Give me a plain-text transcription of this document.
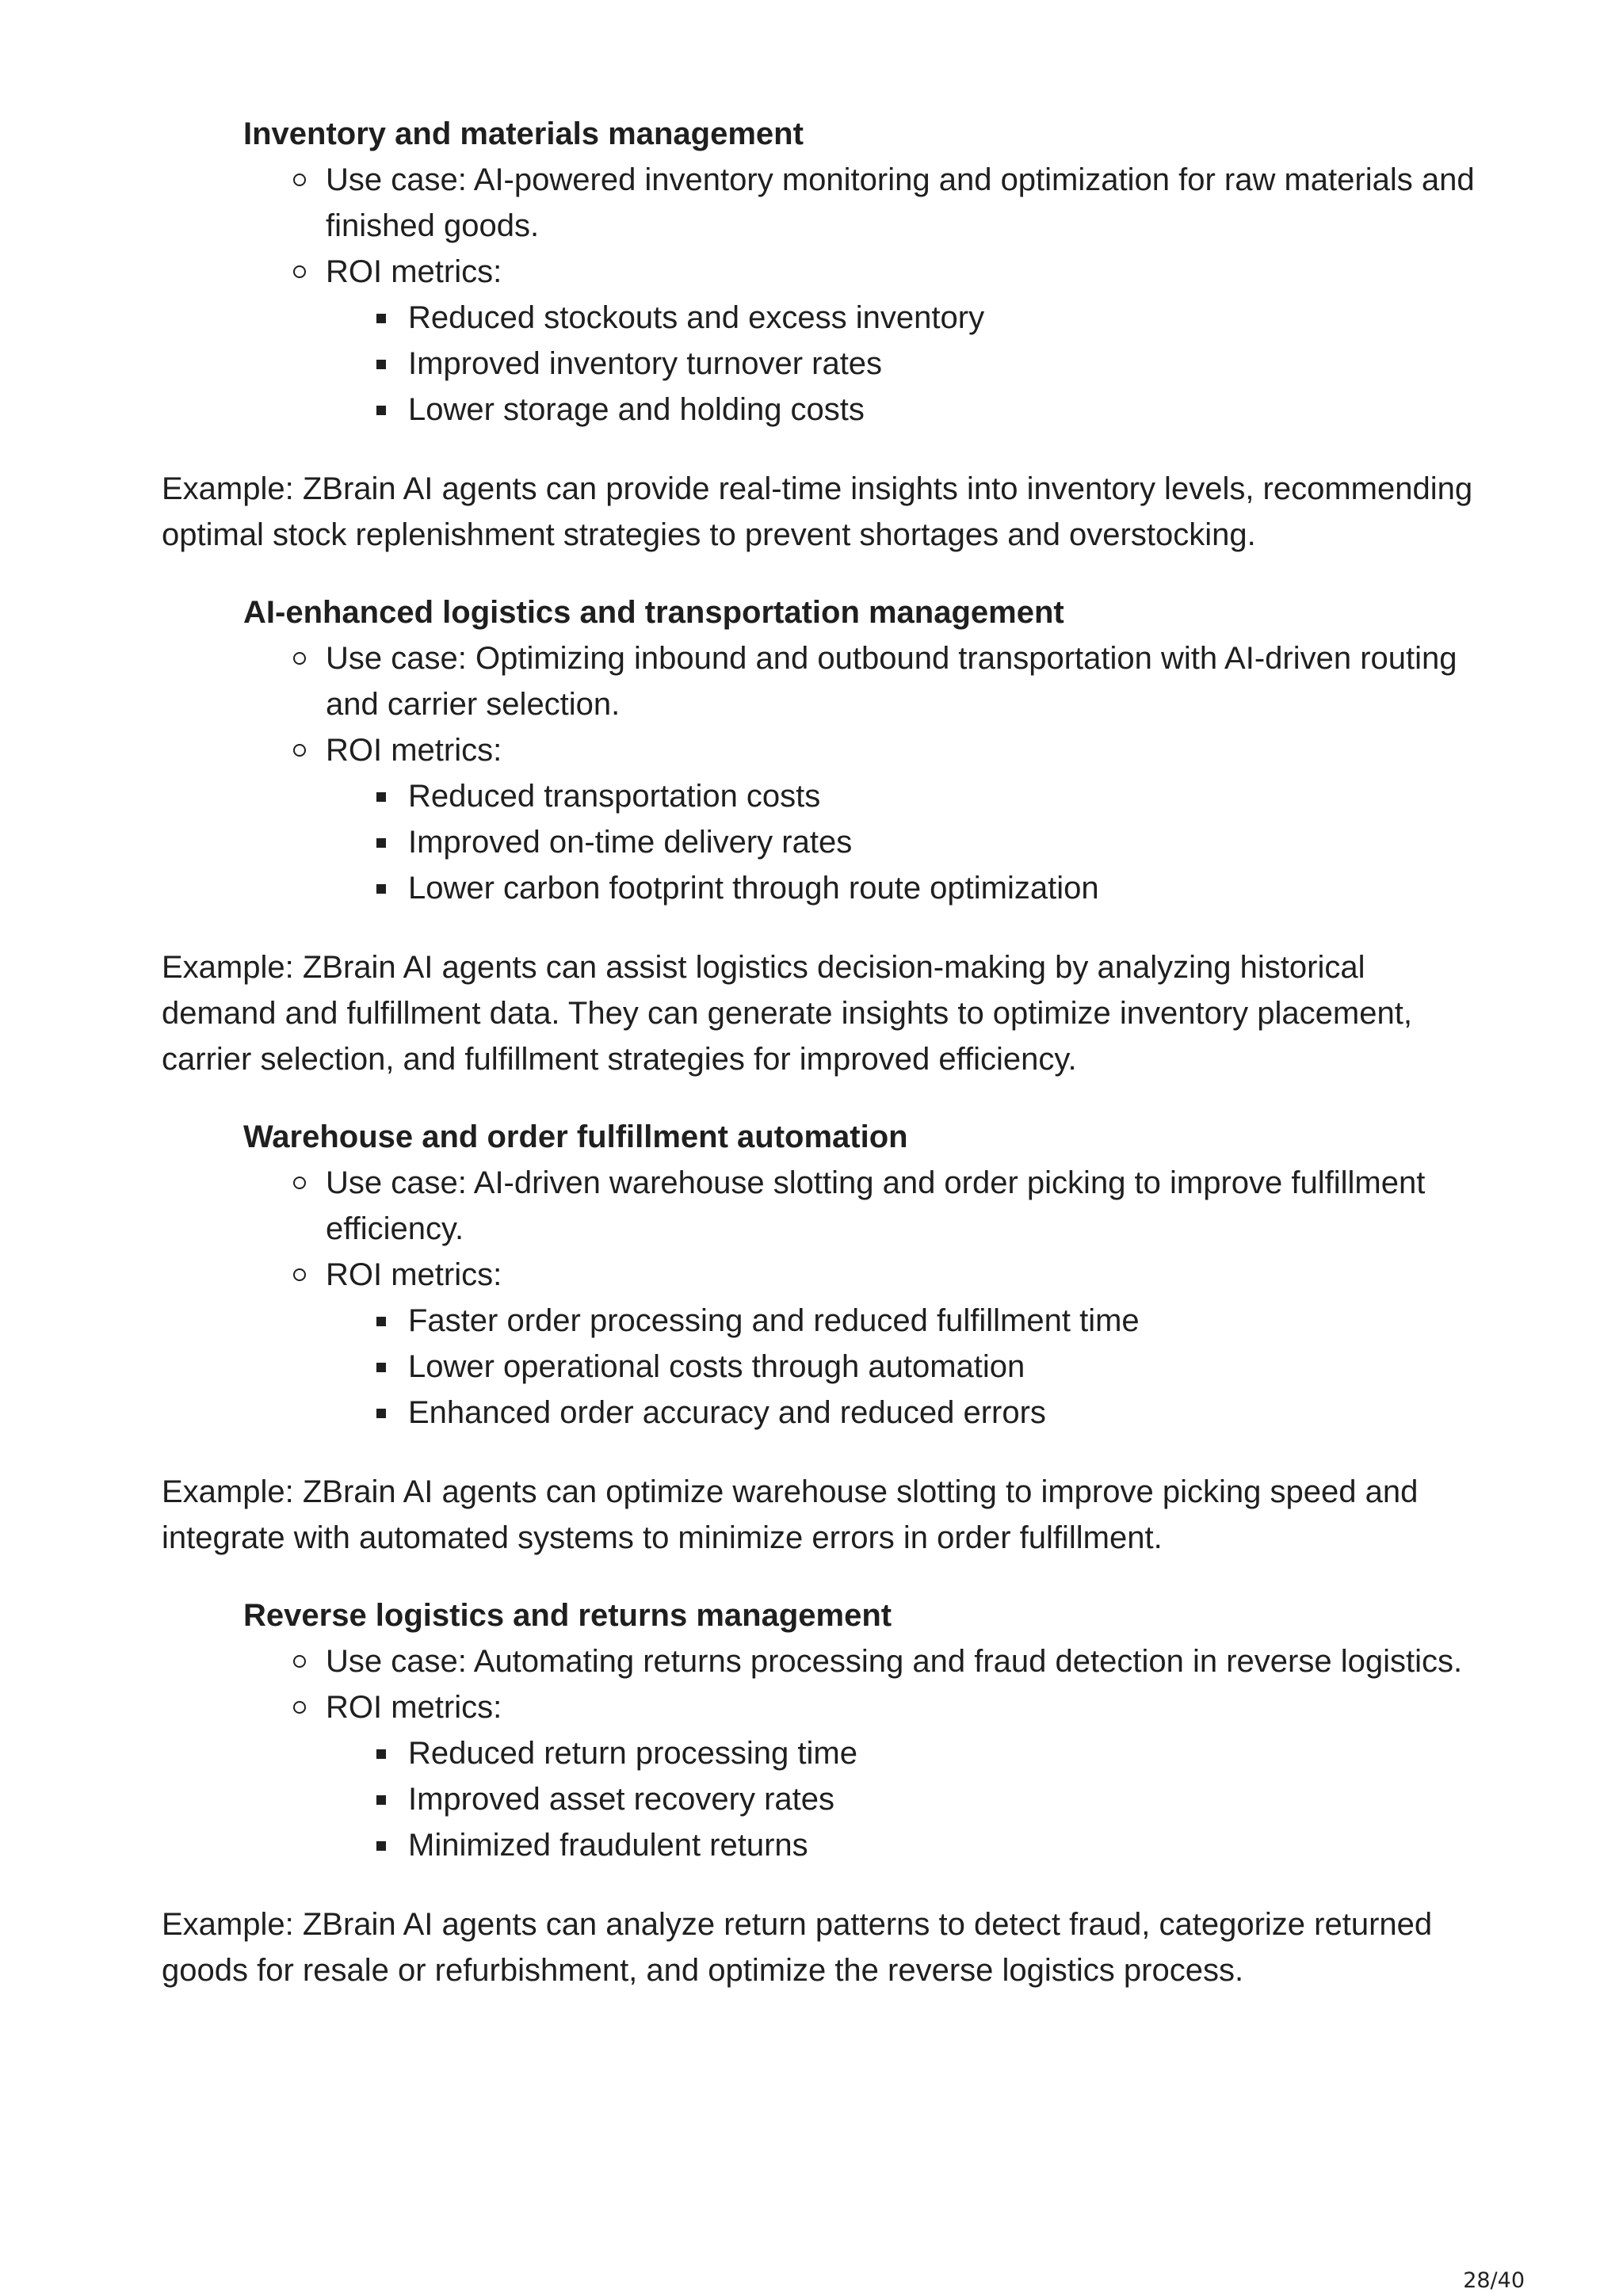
Inventory and materials management
Use case: AI-powered inventory monitoring and optimization for raw materials and finished goods.
ROI metrics:
Reduced stockouts and excess inventory
Improved inventory turnover rates
Lower storage and holding costs

Example: ZBrain AI agents can provide real-time insights into inventory levels, recommending optimal stock replenishment strategies to prevent shortages and overstocking.

AI-enhanced logistics and transportation management
Use case: Optimizing inbound and outbound transportation with AI-driven routing and carrier selection.
ROI metrics:
Reduced transportation costs
Improved on-time delivery rates
Lower carbon footprint through route optimization

Example: ZBrain AI agents can assist logistics decision-making by analyzing historical demand and fulfillment data. They can generate insights to optimize inventory placement, carrier selection, and fulfillment strategies for improved efficiency.

Warehouse and order fulfillment automation
Use case: AI-driven warehouse slotting and order picking to improve fulfillment efficiency.
ROI metrics:
Faster order processing and reduced fulfillment time
Lower operational costs through automation
Enhanced order accuracy and reduced errors

Example: ZBrain AI agents can optimize warehouse slotting to improve picking speed and integrate with automated systems to minimize errors in order fulfillment.

Reverse logistics and returns management
Use case: Automating returns processing and fraud detection in reverse logistics.
ROI metrics:
Reduced return processing time
Improved asset recovery rates
Minimized fraudulent returns

Example: ZBrain AI agents can analyze return patterns to detect fraud, categorize returned goods for resale or refurbishment, and optimize the reverse logistics process.

28/40
